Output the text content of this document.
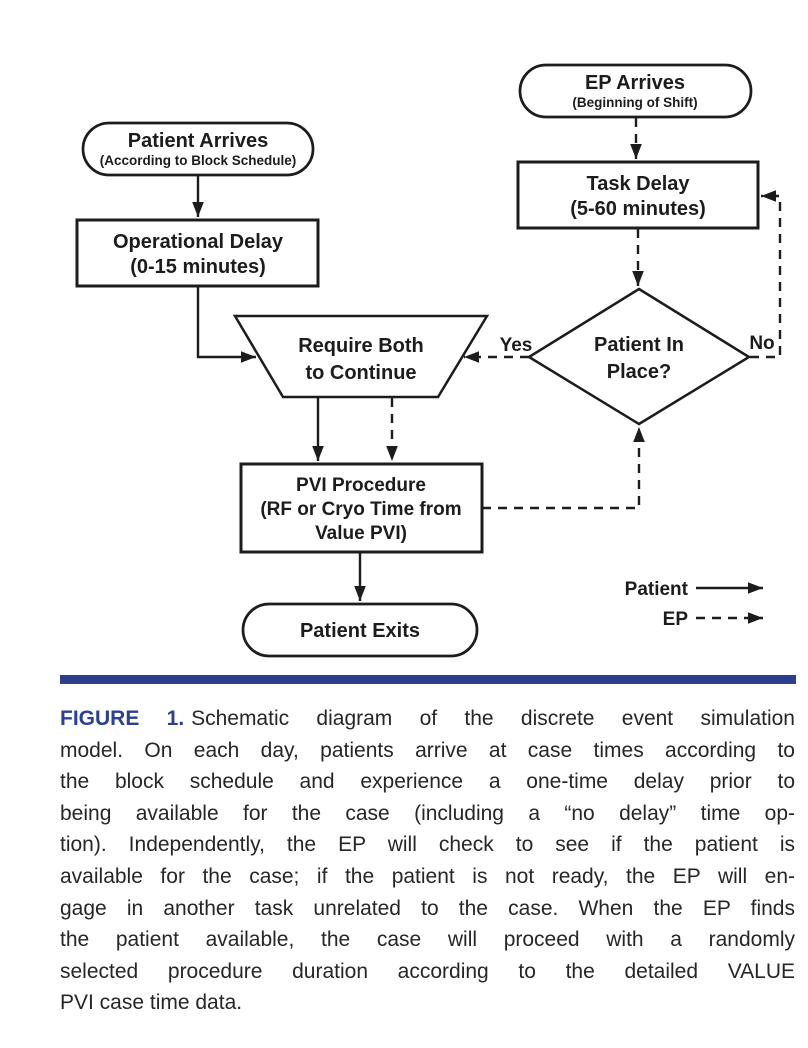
EP Arrives
(Beginning of Shift)
Patient Arrives
(According to Block Schedule)
Task Delay
(5-60 minutes)
Operational Delay
(0-15 minutes)
Require Both
to Continue
Patient In
Place?
PVI Procedure
(RF or Cryo Time from
Value PVI)
Patient Exits
Yes	No
Patient
EP
FIGURE 1. Schematic diagram of the discrete event simulation
model. On each day, patients arrive at case times according to
the block schedule and experience a one-time delay prior to
being available for the case (including a “no delay” time op-
tion). Independently, the EP will check to see if the patient is
available for the case; if the patient is not ready, the EP will en-
gage in another task unrelated to the case. When the EP finds
the patient available, the case will proceed with a randomly
selected procedure duration according to the detailed VALUE
PVI case time data.
